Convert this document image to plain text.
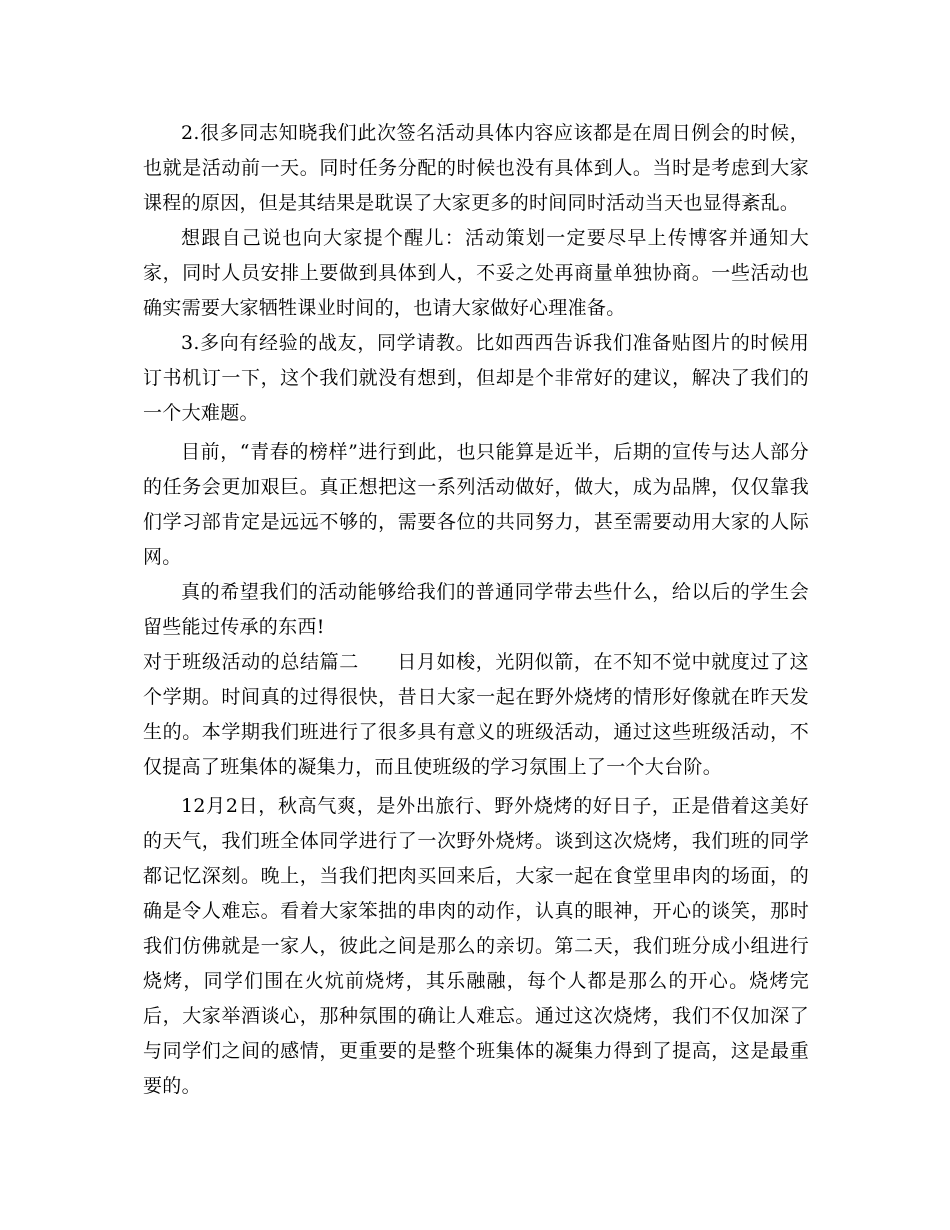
2.很多同志知晓我们此次签名活动具体内容应该都是在周日例会的时候，也就是活动前一天。同时任务分配的时候也没有具体到人。当时是考虑到大家课程的原因，但是其结果是耽误了大家更多的时间同时活动当天也显得紊乱。

想跟自己说也向大家提个醒儿：活动策划一定要尽早上传博客并通知大家，同时人员安排上要做到具体到人，不妥之处再商量单独协商。一些活动也确实需要大家牺牲课业时间的，也请大家做好心理准备。

3.多向有经验的战友，同学请教。比如西西告诉我们准备贴图片的时候用订书机订一下，这个我们就没有想到，但却是个非常好的建议，解决了我们的一个大难题。

目前，“青春的榜样”进行到此，也只能算是近半，后期的宣传与达人部分的任务会更加艰巨。真正想把这一系列活动做好，做大，成为品牌，仅仅靠我们学习部肯定是远远不够的，需要各位的共同努力，甚至需要动用大家的人际网。

真的希望我们的活动能够给我们的普通同学带去些什么，给以后的学生会留些能过传承的东西!

对于班级活动的总结篇二 日月如梭，光阴似箭，在不知不觉中就度过了这个学期。时间真的过得很快，昔日大家一起在野外烧烤的情形好像就在昨天发生的。本学期我们班进行了很多具有意义的班级活动，通过这些班级活动，不仅提高了班集体的凝集力，而且使班级的学习氛围上了一个大台阶。

12月2日，秋高气爽，是外出旅行、野外烧烤的好日子，正是借着这美好的天气，我们班全体同学进行了一次野外烧烤。谈到这次烧烤，我们班的同学都记忆深刻。晚上，当我们把肉买回来后，大家一起在食堂里串肉的场面，的确是令人难忘。看着大家笨拙的串肉的动作，认真的眼神，开心的谈笑，那时我们仿佛就是一家人，彼此之间是那么的亲切。第二天，我们班分成小组进行烧烤，同学们围在火炕前烧烤，其乐融融，每个人都是那么的开心。烧烤完后，大家举酒谈心，那种氛围的确让人难忘。通过这次烧烤，我们不仅加深了与同学们之间的感情，更重要的是整个班集体的凝集力得到了提高，这是最重要的。
